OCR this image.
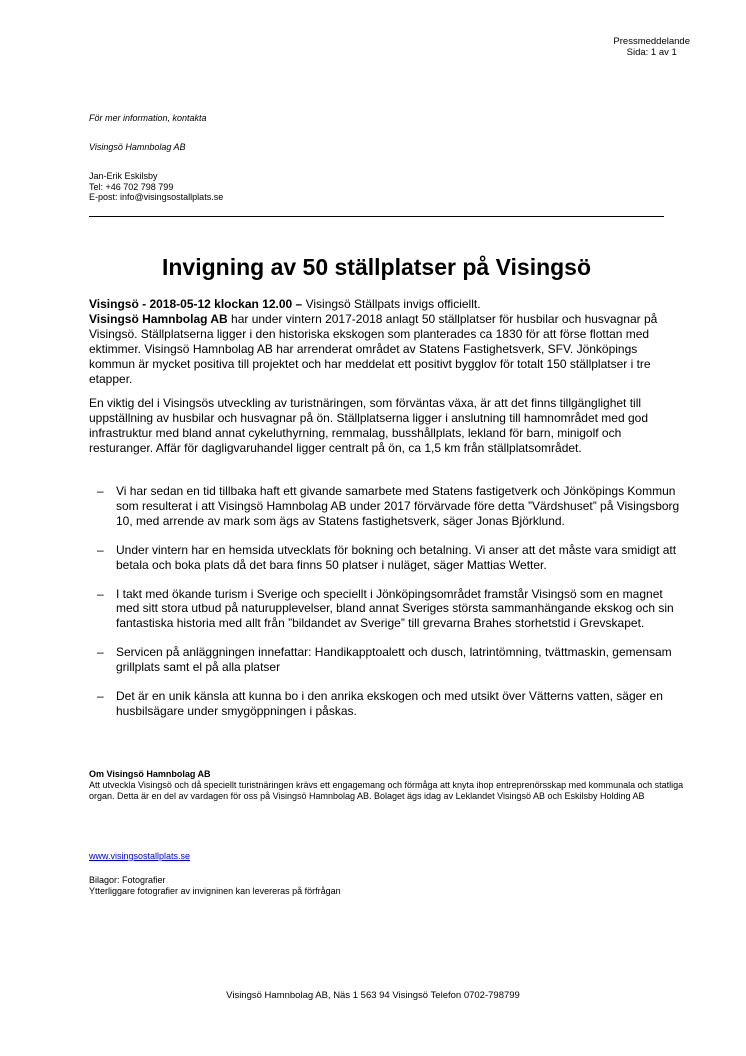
Pressmeddelande
Sida: 1 av 1
För mer information, kontakta
Visingsö Hamnbolag AB
Jan-Erik Eskilsby
Tel: +46 702 798 799
E-post: info@visingsostallplats.se
Invigning av 50 ställplatser på Visingsö

Visingsö - 2018-05-12 klockan 12.00 – Visingsö Ställpats invigs officiellt.
Visingsö Hamnbolag AB har under vintern 2017-2018 anlagt 50 ställplatser för husbilar och husvagnar på Visingsö. Ställplatserna ligger i den historiska ekskogen som planterades ca 1830 för att förse flottan med ektimmer. Visingsö Hamnbolag AB har arrenderat området av Statens Fastighetsverk, SFV. Jönköpings kommun är mycket positiva till projektet och har meddelat ett positivt bygglov för totalt 150 ställplatser i tre etapper.

En viktig del i Visingsös utveckling av turistnäringen, som förväntas växa, är att det finns tillgänglighet till uppställning av husbilar och husvagnar på ön. Ställplatserna ligger i anslutning till hamnområdet med god infrastruktur med bland annat cykeluthyrning, remmalag, busshållplats, lekland för barn, minigolf och resturanger. Affär för dagligvaruhandel ligger centralt på ön, ca 1,5 km från ställplatsområdet.

– Vi har sedan en tid tillbaka haft ett givande samarbete med Statens fastigetverk och Jönköpings Kommun som resulterat i att Visingsö Hamnbolag AB under 2017 förvärvade före detta ”Värdshuset” på Visingsborg 10, med arrende av mark som ägs av Statens fastighetsverk, säger Jonas Björklund.
– Under vintern har en hemsida utvecklats för bokning och betalning. Vi anser att det måste vara smidigt att betala och boka plats då det bara finns 50 platser i nuläget, säger Mattias Wetter.
– I takt med ökande turism i Sverige och speciellt i Jönköpingsområdet framstår Visingsö som en magnet med sitt stora utbud på naturupplevelser, bland annat Sveriges största sammanhängande ekskog och sin fantastiska historia med allt från ”bildandet av Sverige” till grevarna Brahes storhetstid i Grevskapet.
– Servicen på anläggningen innefattar: Handikapptoalett och dusch, latrintömning, tvättmaskin, gemensam grillplats samt el på alla platser
– Det är en unik känsla att kunna bo i den anrika ekskogen och med utsikt över Vätterns vatten, säger en husbilsägare under smygöppningen i påskas.

Om Visingsö Hamnbolag AB
Att utveckla Visingsö och då speciellt turistnäringen krävs ett engagemang och förmåga att knyta ihop entreprenörsskap med kommunala och statliga organ. Detta är en del av vardagen för oss på Visingsö Hamnbolag AB. Bolaget ägs idag av Leklandet Visingsö AB och Eskilsby Holding AB

www.visingsostallplats.se
Bilagor: Fotografier
Ytterliggare fotografier av invigninen kan levereras på förfrågan
Visingsö Hamnbolag AB, Näs 1 563 94 Visingsö Telefon 0702-798799
